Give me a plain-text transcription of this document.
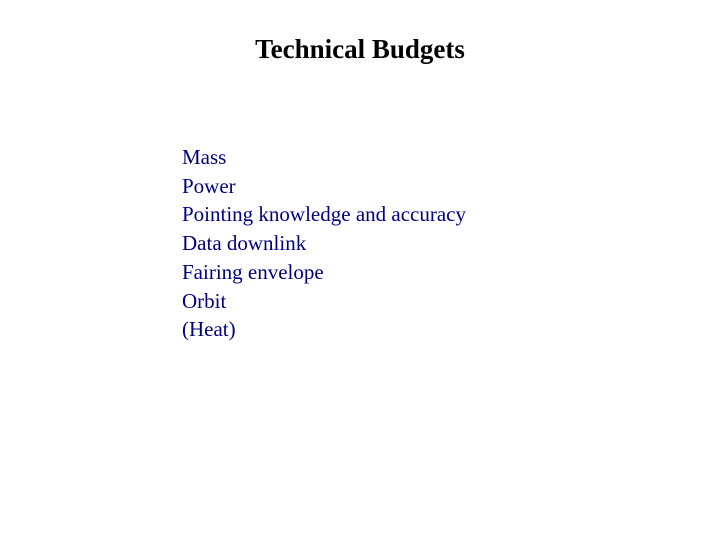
Technical Budgets
Mass
Power
Pointing knowledge and accuracy
Data downlink
Fairing envelope
Orbit
(Heat)
